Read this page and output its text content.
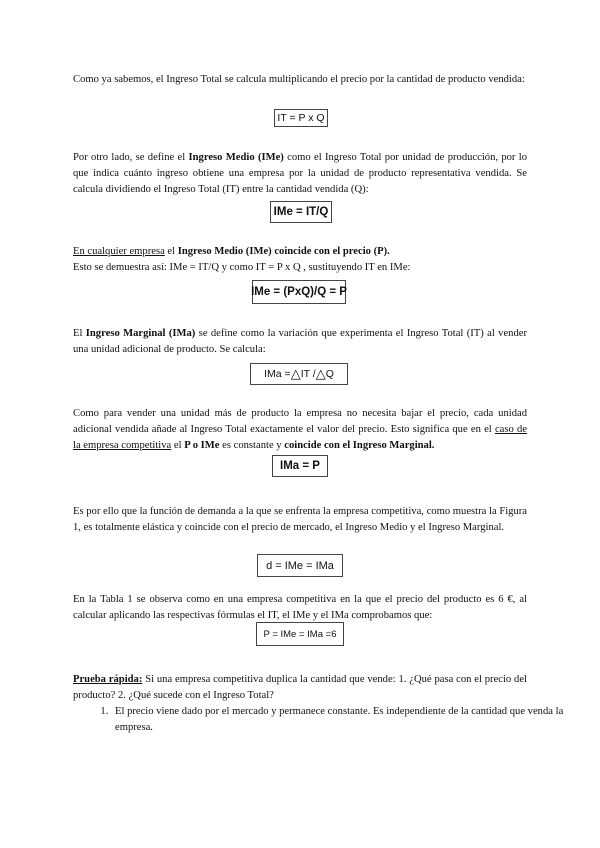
Como ya sabemos, el Ingreso Total se calcula multiplicando el precio por la cantidad de producto vendida:

IT = P x Q

Por otro lado, se define el Ingreso Medio (IMe) como el Ingreso Total por unidad de producción, por lo que indica cuánto ingreso obtiene una empresa por la unidad de producto representativa vendida. Se calcula dividiendo el Ingreso Total (IT) entre la cantidad vendida (Q):

IMe = IT/Q

En cualquier empresa el Ingreso Medio (IMe) coincide con el precio (P).
Esto se demuestra así: IMe = IT/Q y como IT = P x Q , sustituyendo IT en IMe:

IMe = (PxQ)/Q = P

El Ingreso Marginal (IMa) se define como la variación que experimenta el Ingreso Total (IT) al vender una unidad adicional de producto. Se calcula:

IMa = △ IT / △ Q

Como para vender una unidad más de producto la empresa no necesita bajar el precio, cada unidad adicional vendida añade al Ingreso Total exactamente el valor del precio. Esto significa que en el caso de la empresa competitiva el P o IMe es constante y coincide con el Ingreso Marginal.

IMa = P

Es por ello que la función de demanda a la que se enfrenta la empresa competitiva, como muestra la Figura 1, es totalmente elástica y coincide con el precio de mercado, el Ingreso Medio y el Ingreso Marginal.

d = IMe = IMa

En la Tabla 1 se observa como en una empresa competitiva en la que el precio del producto es 6 €, al calcular aplicando las respectivas fórmulas el IT, el IMe y el IMa comprobamos que:

P = IMe = IMa =6

Prueba rápida: Si una empresa competitiva duplica la cantidad que vende: 1. ¿Qué pasa con el precio del producto? 2. ¿Qué sucede con el Ingreso Total?

1. El precio viene dado por el mercado y permanece constante. Es independiente de la cantidad que venda la empresa.
